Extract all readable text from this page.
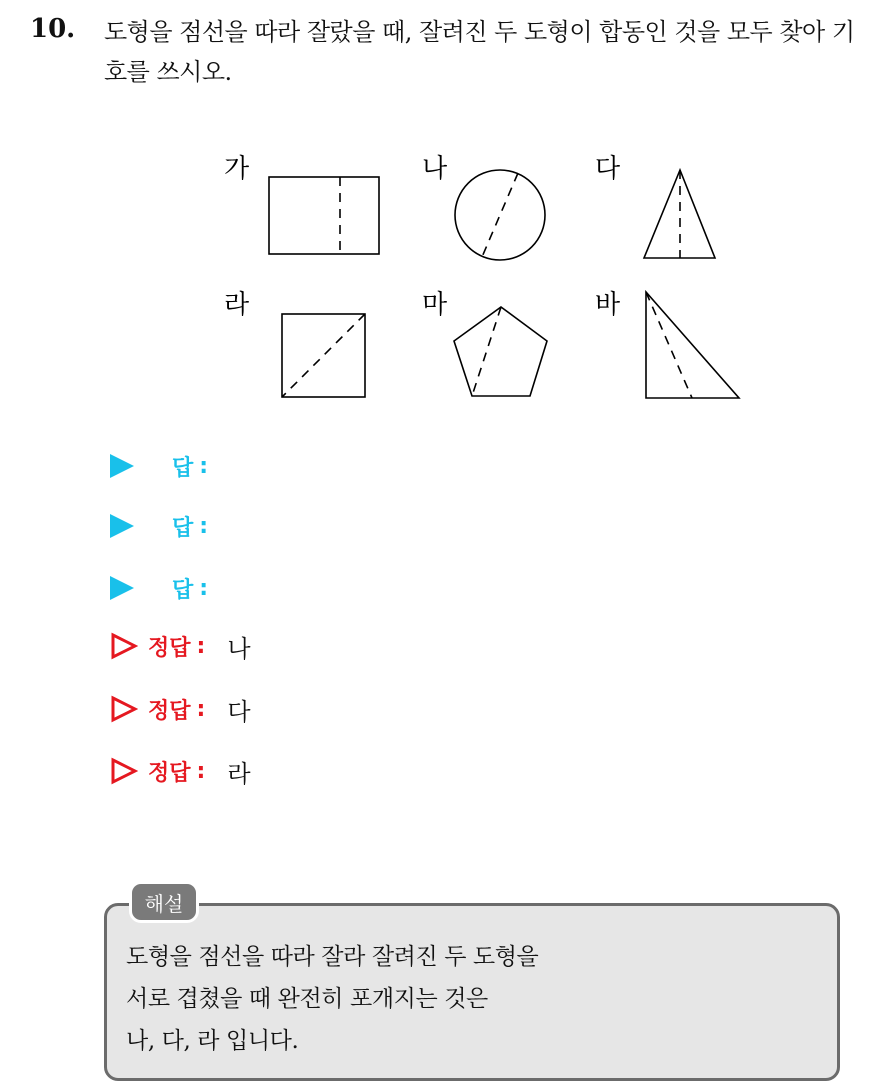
10. 도형을 점선을 따라 잘랐을 때, 잘려진 두 도형이 합동인 것을 모두 찾아 기호를 쓰시오.
가	나	다
라	마	바
답 :
답 :
답 :
정답 : 나
정답 : 다
정답 : 라
해설
도형을 점선을 따라 잘라 잘려진 두 도형을
서로 겹쳤을 때 완전히 포개지는 것은
나, 다, 라 입니다.
